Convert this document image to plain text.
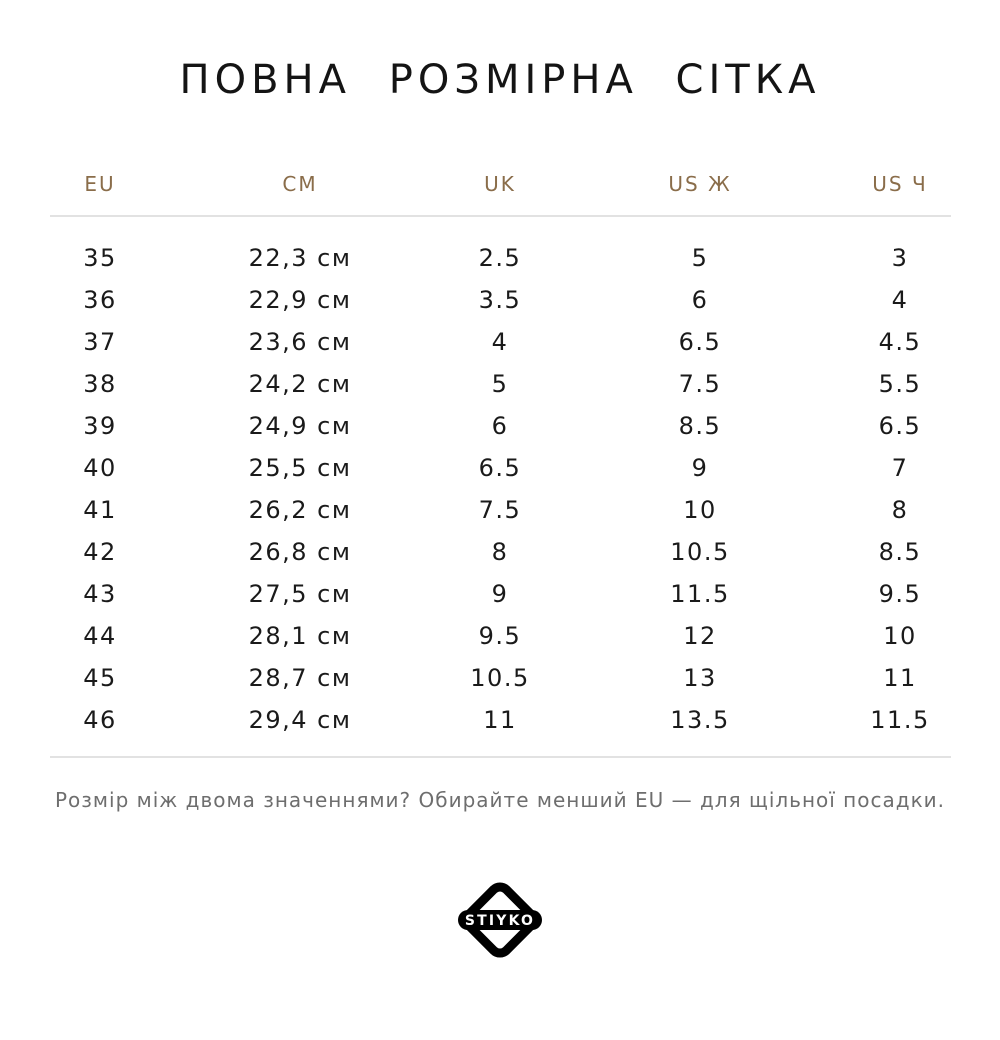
ПОВНА РОЗМІРНА СІТКА
EU	CM	UK	US Ж	US Ч
35	22,3 см	2.5	5	3
36	22,9 см	3.5	6	4
37	23,6 см	4	6.5	4.5
38	24,2 см	5	7.5	5.5
39	24,9 см	6	8.5	6.5
40	25,5 см	6.5	9	7
41	26,2 см	7.5	10	8
42	26,8 см	8	10.5	8.5
43	27,5 см	9	11.5	9.5
44	28,1 см	9.5	12	10
45	28,7 см	10.5	13	11
46	29,4 см	11	13.5	11.5
Розмір між двома значеннями? Обирайте менший EU — для щільної посадки.
STIYKO
